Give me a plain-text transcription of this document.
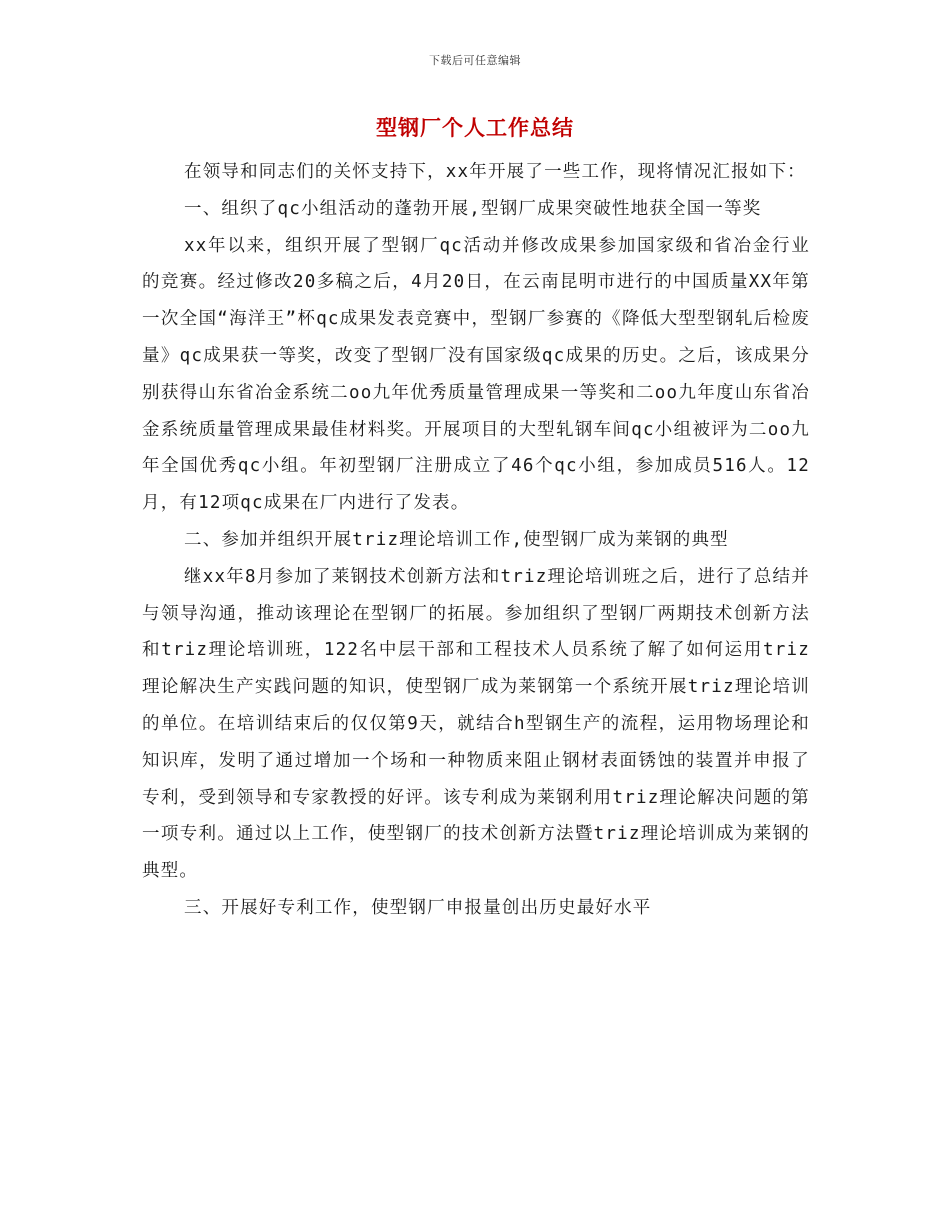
下载后可任意编辑
型钢厂个人工作总结

在领导和同志们的关怀支持下，xx年开展了一些工作，现将情况汇报如下：

一、组织了qc小组活动的蓬勃开展,型钢厂成果突破性地获全国一等奖

xx年以来，组织开展了型钢厂qc活动并修改成果参加国家级和省冶金行业的竞赛。经过修改20多稿之后，4月20日，在云南昆明市进行的中国质量XX年第一次全国“海洋王”杯qc成果发表竞赛中，型钢厂参赛的《降低大型型钢轧后检废量》qc成果获一等奖，改变了型钢厂没有国家级qc成果的历史。之后，该成果分别获得山东省冶金系统二oo九年优秀质量管理成果一等奖和二oo九年度山东省冶金系统质量管理成果最佳材料奖。开展项目的大型轧钢车间qc小组被评为二oo九年全国优秀qc小组。年初型钢厂注册成立了46个qc小组，参加成员516人。12月，有12项qc成果在厂内进行了发表。

二、参加并组织开展triz理论培训工作,使型钢厂成为莱钢的典型

继xx年8月参加了莱钢技术创新方法和triz理论培训班之后，进行了总结并与领导沟通，推动该理论在型钢厂的拓展。参加组织了型钢厂两期技术创新方法和triz理论培训班，122名中层干部和工程技术人员系统了解了如何运用triz理论解决生产实践问题的知识，使型钢厂成为莱钢第一个系统开展triz理论培训的单位。在培训结束后的仅仅第9天，就结合h型钢生产的流程，运用物场理论和知识库，发明了通过增加一个场和一种物质来阻止钢材表面锈蚀的装置并申报了专利，受到领导和专家教授的好评。该专利成为莱钢利用triz理论解决问题的第一项专利。通过以上工作，使型钢厂的技术创新方法暨triz理论培训成为莱钢的典型。

三、开展好专利工作，使型钢厂申报量创出历史最好水平
